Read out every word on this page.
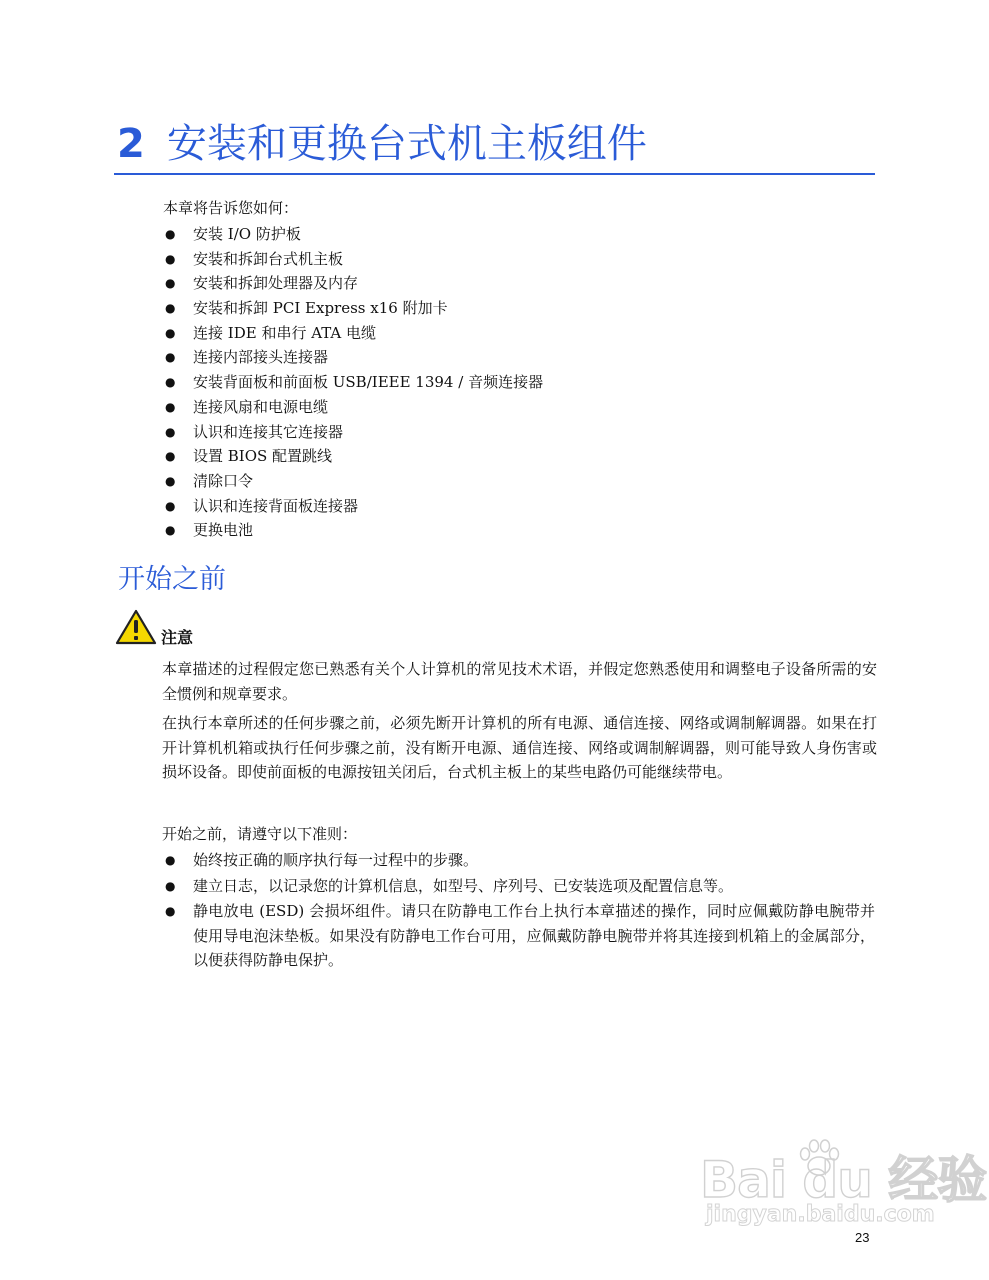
2 安装和更换台式机主板组件

本章将告诉您如何：

● 安装 I/O 防护板
● 安装和拆卸台式机主板
● 安装和拆卸处理器及内存
● 安装和拆卸 PCI Express x16 附加卡
● 连接 IDE 和串行 ATA 电缆
● 连接内部接头连接器
● 安装背面板和前面板 USB/IEEE 1394 / 音频连接器
● 连接风扇和电源电缆
● 认识和连接其它连接器
● 设置 BIOS 配置跳线
● 清除口令
● 认识和连接背面板连接器
● 更换电池
开始之前
注意

本章描述的过程假定您已熟悉有关个人计算机的常见技术术语，并假定您熟悉使用和调整电子设备所需的安全惯例和规章要求。

在执行本章所述的任何步骤之前，必须先断开计算机的所有电源、通信连接、网络或调制解调器。如果在打开计算机机箱或执行任何步骤之前，没有断开电源、通信连接、网络或调制解调器，则可能导致人身伤害或损坏设备。即使前面板的电源按钮关闭后，台式机主板上的某些电路仍可能继续带电。

开始之前，请遵守以下准则：

● 始终按正确的顺序执行每一过程中的步骤。
● 建立日志，以记录您的计算机信息，如型号、序列号、已安装选项及配置信息等。
● 静电放电 (ESD) 会损坏组件。请只在防静电工作台上执行本章描述的操作，同时应佩戴防静电腕带并使用导电泡沫垫板。如果没有防静电工作台可用，应佩戴防静电腕带并将其连接到机箱上的金属部分，以便获得防静电保护。
Bai du 经验
jingyan.baidu.com
23
